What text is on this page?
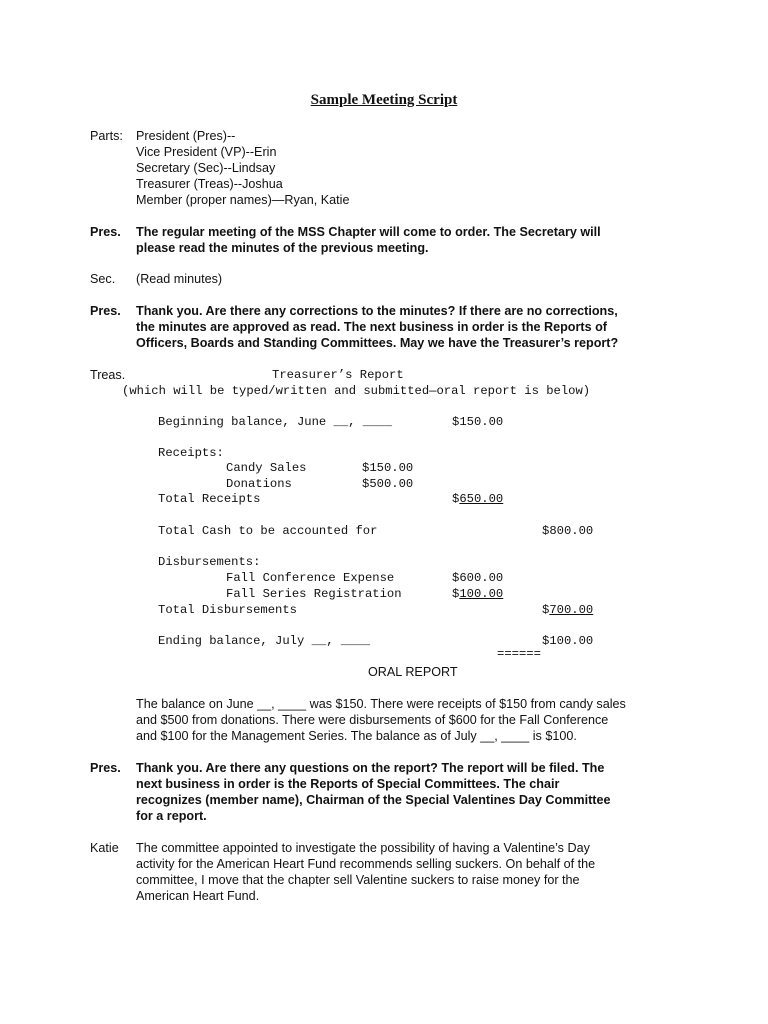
Sample Meeting Script
Parts: President (Pres)--
Vice President (VP)--Erin
Secretary (Sec)--Lindsay
Treasurer (Treas)--Joshua
Member (proper names)—Ryan, Katie
Pres. The regular meeting of the MSS Chapter will come to order. The Secretary will
please read the minutes of the previous meeting.
Sec. (Read minutes)
Pres. Thank you. Are there any corrections to the minutes? If there are no corrections,
the minutes are approved as read. The next business in order is the Reports of
Officers, Boards and Standing Committees. May we have the Treasurer’s report?
Treas.	Treasurer’s Report
(which will be typed/written and submitted—oral report is below)
Beginning balance, June __, ____	$150.00
Receipts:
Candy Sales	$150.00
Donations	$500.00
Total Receipts	$650.00
Total Cash to be accounted for	$800.00
Disbursements:
Fall Conference Expense	$600.00
Fall Series Registration	$100.00
Total Disbursements	$700.00
Ending balance, July __, ____	$100.00
======
ORAL REPORT
The balance on June __, ____ was $150. There were receipts of $150 from candy sales
and $500 from donations. There were disbursements of $600 for the Fall Conference
and $100 for the Management Series. The balance as of July __, ____ is $100.
Pres. Thank you. Are there any questions on the report? The report will be filed. The
next business in order is the Reports of Special Committees. The chair
recognizes (member name), Chairman of the Special Valentines Day Committee
for a report.
Katie The committee appointed to investigate the possibility of having a Valentine’s Day
activity for the American Heart Fund recommends selling suckers. On behalf of the
committee, I move that the chapter sell Valentine suckers to raise money for the
American Heart Fund.
